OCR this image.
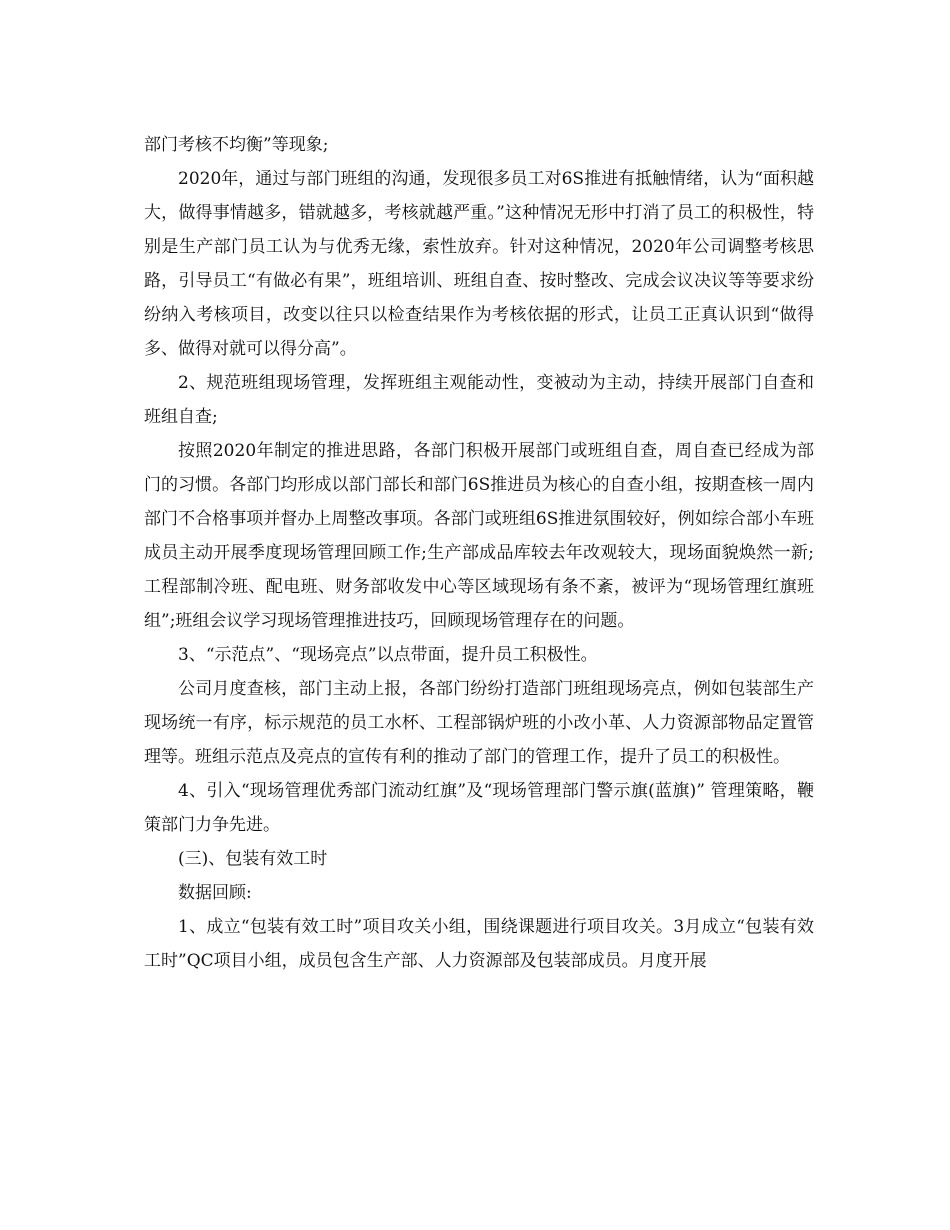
部门考核不均衡”等现象;

2020年，通过与部门班组的沟通，发现很多员工对6S推进有抵触情绪，认为“面积越大，做得事情越多，错就越多，考核就越严重。”这种情况无形中打消了员工的积极性，特别是生产部门员工认为与优秀无缘，索性放弃。针对这种情况，2020年公司调整考核思路，引导员工“有做必有果”，班组培训、班组自查、按时整改、完成会议决议等等要求纷纷纳入考核项目，改变以往只以检查结果作为考核依据的形式，让员工正真认识到“做得多、做得对就可以得分高”。

2、规范班组现场管理，发挥班组主观能动性，变被动为主动，持续开展部门自查和班组自查;

按照2020年制定的推进思路，各部门积极开展部门或班组自查，周自查已经成为部门的习惯。各部门均形成以部门部长和部门6S推进员为核心的自查小组，按期查核一周内部门不合格事项并督办上周整改事项。各部门或班组6S推进氛围较好，例如综合部小车班成员主动开展季度现场管理回顾工作;生产部成品库较去年改观较大，现场面貌焕然一新;工程部制冷班、配电班、财务部收发中心等区域现场有条不紊，被评为“现场管理红旗班组”;班组会议学习现场管理推进技巧，回顾现场管理存在的问题。

3、“示范点”、“现场亮点”以点带面，提升员工积极性。

公司月度查核，部门主动上报，各部门纷纷打造部门班组现场亮点，例如包装部生产现场统一有序，标示规范的员工水杯、工程部锅炉班的小改小革、人力资源部物品定置管理等。班组示范点及亮点的宣传有利的推动了部门的管理工作，提升了员工的积极性。

4、引入“现场管理优秀部门流动红旗”及“现场管理部门警示旗(蓝旗)” 管理策略，鞭策部门力争先进。

(三)、包装有效工时

数据回顾:

1、成立“包装有效工时”项目攻关小组，围绕课题进行项目攻关。3月成立“包装有效工时”QC项目小组，成员包含生产部、人力资源部及包装部成员。月度开展
